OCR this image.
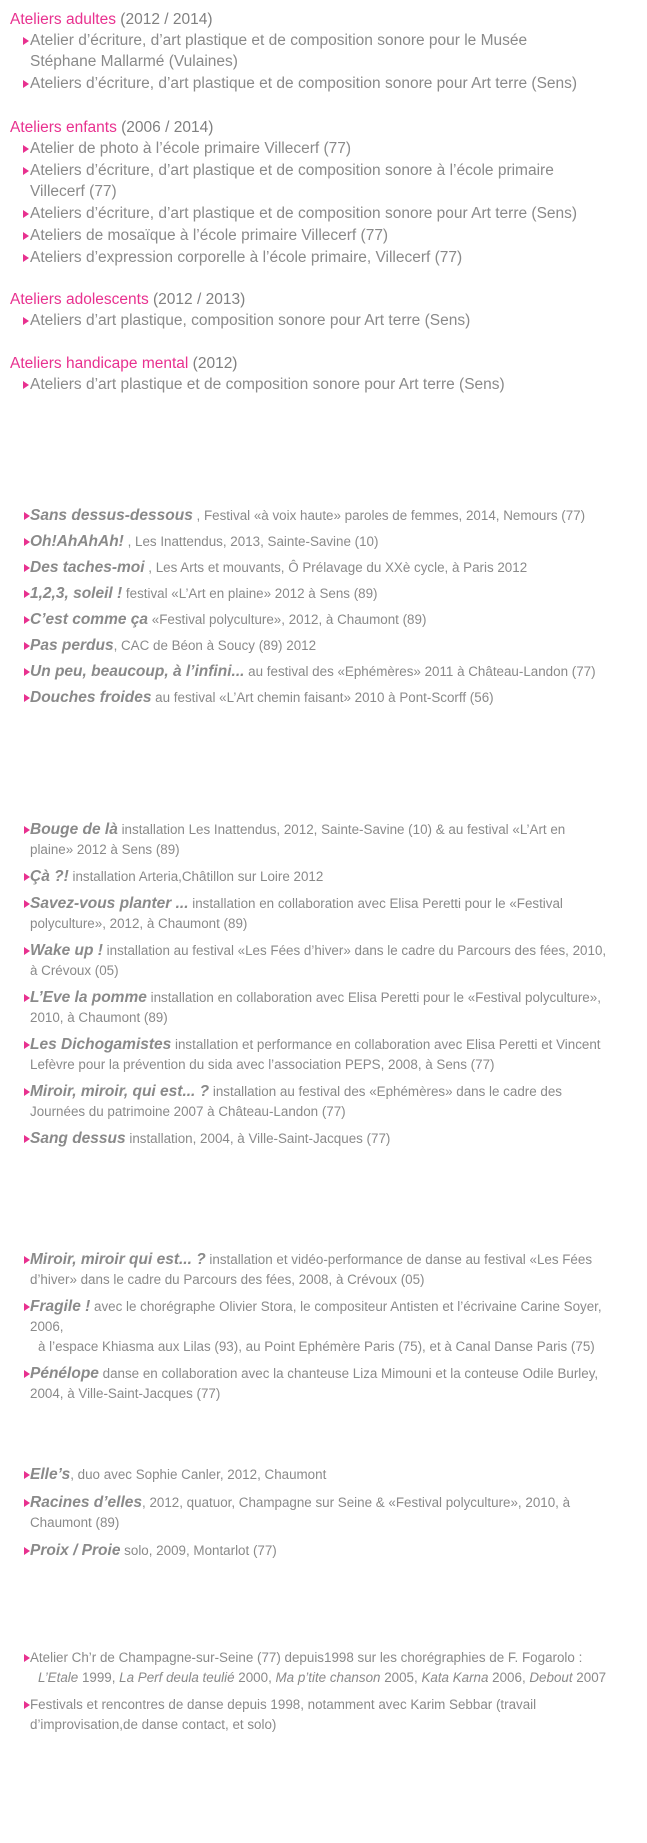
Ateliers adultes (2012 / 2014)
Atelier d’écriture, d’art plastique et de composition sonore pour le Musée
Stéphane Mallarmé (Vulaines)
Ateliers d’écriture, d’art plastique et de composition sonore pour Art terre (Sens)
Ateliers enfants (2006 / 2014)
Atelier de photo à l’école primaire Villecerf (77)
Ateliers d’écriture, d’art plastique et de composition sonore à l’école primaire
Villecerf (77)
Ateliers d’écriture, d’art plastique et de composition sonore pour Art terre (Sens)
Ateliers de mosaïque à l’école primaire Villecerf (77)
Ateliers d’expression corporelle à l’école primaire, Villecerf (77)
Ateliers adolescents (2012 / 2013)
Ateliers d’art plastique, composition sonore pour Art terre (Sens)
Ateliers handicape mental (2012)
Ateliers d’art plastique et de composition sonore pour Art terre (Sens)
Sans dessus-dessous , Festival «à voix haute» paroles de femmes, 2014, Nemours (77)
Oh!AhAhAh! , Les Inattendus, 2013, Sainte-Savine (10)
Des taches-moi , Les Arts et mouvants, Ô Prélavage du XXè cycle, à Paris 2012
1,2,3, soleil ! festival «L’Art en plaine» 2012 à Sens (89)
C’est comme ça «Festival polyculture», 2012, à Chaumont (89)
Pas perdus, CAC de Béon à Soucy (89) 2012
Un peu, beaucoup, à l’infini... au festival des «Ephémères» 2011 à Château-Landon (77)
Douches froides au festival «L’Art chemin faisant» 2010 à Pont-Scorff (56)
Bouge de là installation Les Inattendus, 2012, Sainte-Savine (10) & au festival «L’Art en
plaine» 2012 à Sens (89)
Çà ?! installation Arteria,Châtillon sur Loire 2012
Savez-vous planter ... installation en collaboration avec Elisa Peretti pour le «Festival
polyculture», 2012, à Chaumont (89)
Wake up ! installation au festival «Les Fées d’hiver» dans le cadre du Parcours des fées, 2010,
à Crévoux (05)
L’Eve la pomme installation en collaboration avec Elisa Peretti pour le «Festival polyculture»,
2010, à Chaumont (89)
Les Dichogamistes installation et performance en collaboration avec Elisa Peretti et Vincent
Lefèvre pour la prévention du sida avec l’association PEPS, 2008, à Sens (77)
Miroir, miroir, qui est... ? installation au festival des «Ephémères» dans le cadre des
Journées du patrimoine 2007 à Château-Landon (77)
Sang dessus installation, 2004, à Ville-Saint-Jacques (77)
Miroir, miroir qui est... ? installation et vidéo-performance de danse au festival «Les Fées
d’hiver» dans le cadre du Parcours des fées, 2008, à Crévoux (05)
Fragile ! avec le chorégraphe Olivier Stora, le compositeur Antisten et l’écrivaine Carine Soyer,
2006,
à l’espace Khiasma aux Lilas (93), au Point Ephémère Paris (75), et à Canal Danse Paris (75)
Pénélope danse en collaboration avec la chanteuse Liza Mimouni et la conteuse Odile Burley,
2004, à Ville-Saint-Jacques (77)
Elle’s, duo avec Sophie Canler, 2012, Chaumont
Racines d’elles, 2012, quatuor, Champagne sur Seine & «Festival polyculture», 2010, à
Chaumont (89)
Proix / Proie solo, 2009, Montarlot (77)
Atelier Ch’r de Champagne-sur-Seine (77) depuis1998 sur les chorégraphies de F. Fogarolo :
L’Etale 1999, La Perf deula teulié 2000, Ma p’tite chanson 2005, Kata Karna 2006, Debout 2007
Festivals et rencontres de danse depuis 1998, notamment avec Karim Sebbar (travail
d’improvisation,de danse contact, et solo)
